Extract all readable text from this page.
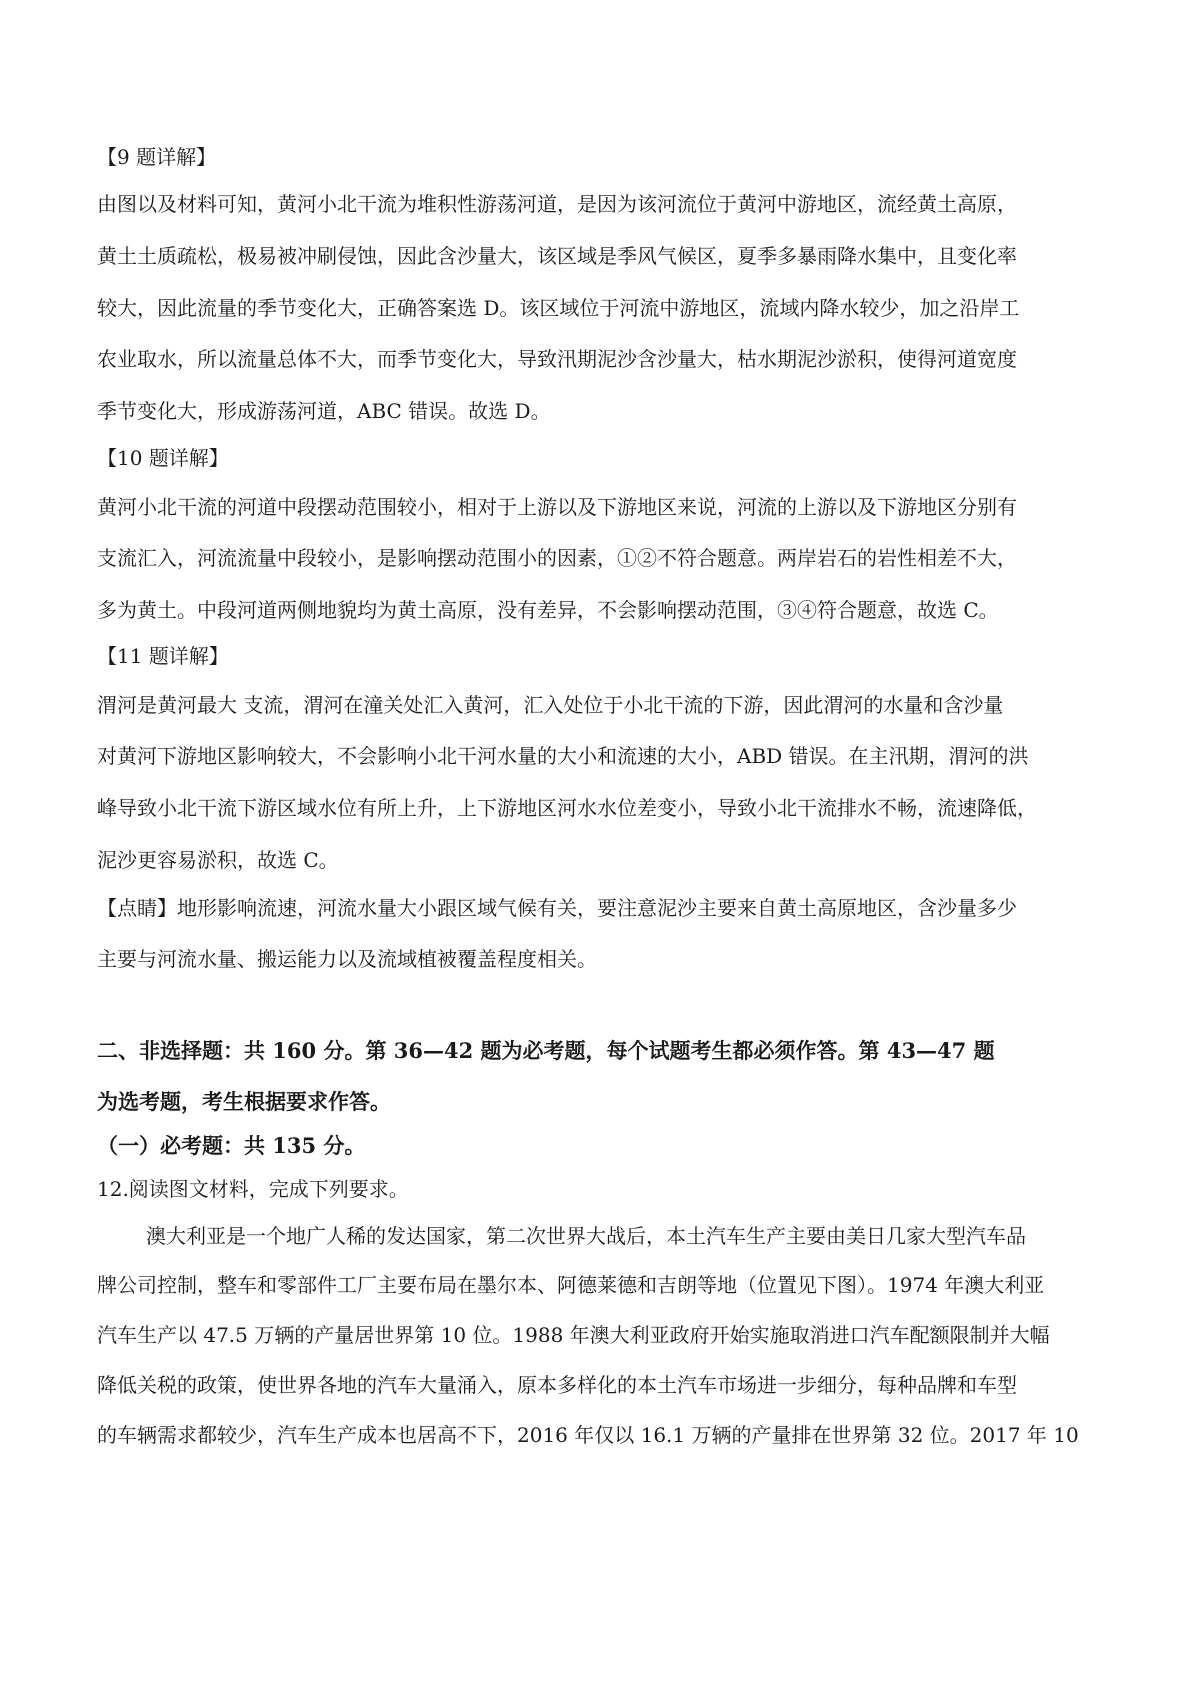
【9 题详解】
由图以及材料可知，黄河小北干流为堆积性游荡河道，是因为该河流位于黄河中游地区，流经黄土高原，
黄土土质疏松，极易被冲刷侵蚀，因此含沙量大，该区域是季风气候区，夏季多暴雨降水集中，且变化率
较大，因此流量的季节变化大，正确答案选 D。该区域位于河流中游地区，流域内降水较少，加之沿岸工
农业取水，所以流量总体不大，而季节变化大，导致汛期泥沙含沙量大，枯水期泥沙淤积，使得河道宽度
季节变化大，形成游荡河道，ABC 错误。故选 D。
【10 题详解】
黄河小北干流的河道中段摆动范围较小，相对于上游以及下游地区来说，河流的上游以及下游地区分别有
支流汇入，河流流量中段较小，是影响摆动范围小的因素，①②不符合题意。两岸岩石的岩性相差不大，
多为黄土。中段河道两侧地貌均为黄土高原，没有差异，不会影响摆动范围，③④符合题意，故选 C。
【11 题详解】
渭河是黄河最大 支流，渭河在潼关处汇入黄河，汇入处位于小北干流的下游，因此渭河的水量和含沙量
对黄河下游地区影响较大，不会影响小北干河水量的大小和流速的大小，ABD 错误。在主汛期，渭河的洪
峰导致小北干流下游区域水位有所上升，上下游地区河水水位差变小，导致小北干流排水不畅，流速降低，
泥沙更容易淤积，故选 C。
【点睛】地形影响流速，河流水量大小跟区域气候有关，要注意泥沙主要来自黄土高原地区，含沙量多少
主要与河流水量、搬运能力以及流域植被覆盖程度相关。
二、非选择题：共 160 分。第 36—42 题为必考题，每个试题考生都必须作答。第 43—47 题
为选考题，考生根据要求作答。
（一）必考题：共 135 分。
12.阅读图文材料，完成下列要求。
澳大利亚是一个地广人稀的发达国家，第二次世界大战后，本土汽车生产主要由美日几家大型汽车品
牌公司控制，整车和零部件工厂主要布局在墨尔本、阿德莱德和吉朗等地（位置见下图）。1974 年澳大利亚
汽车生产以 47.5 万辆的产量居世界第 10 位。1988 年澳大利亚政府开始实施取消进口汽车配额限制并大幅
降低关税的政策，使世界各地的汽车大量涌入，原本多样化的本土汽车市场进一步细分，每种品牌和车型
的车辆需求都较少，汽车生产成本也居高不下，2016 年仅以 16.1 万辆的产量排在世界第 32 位。2017 年 10
